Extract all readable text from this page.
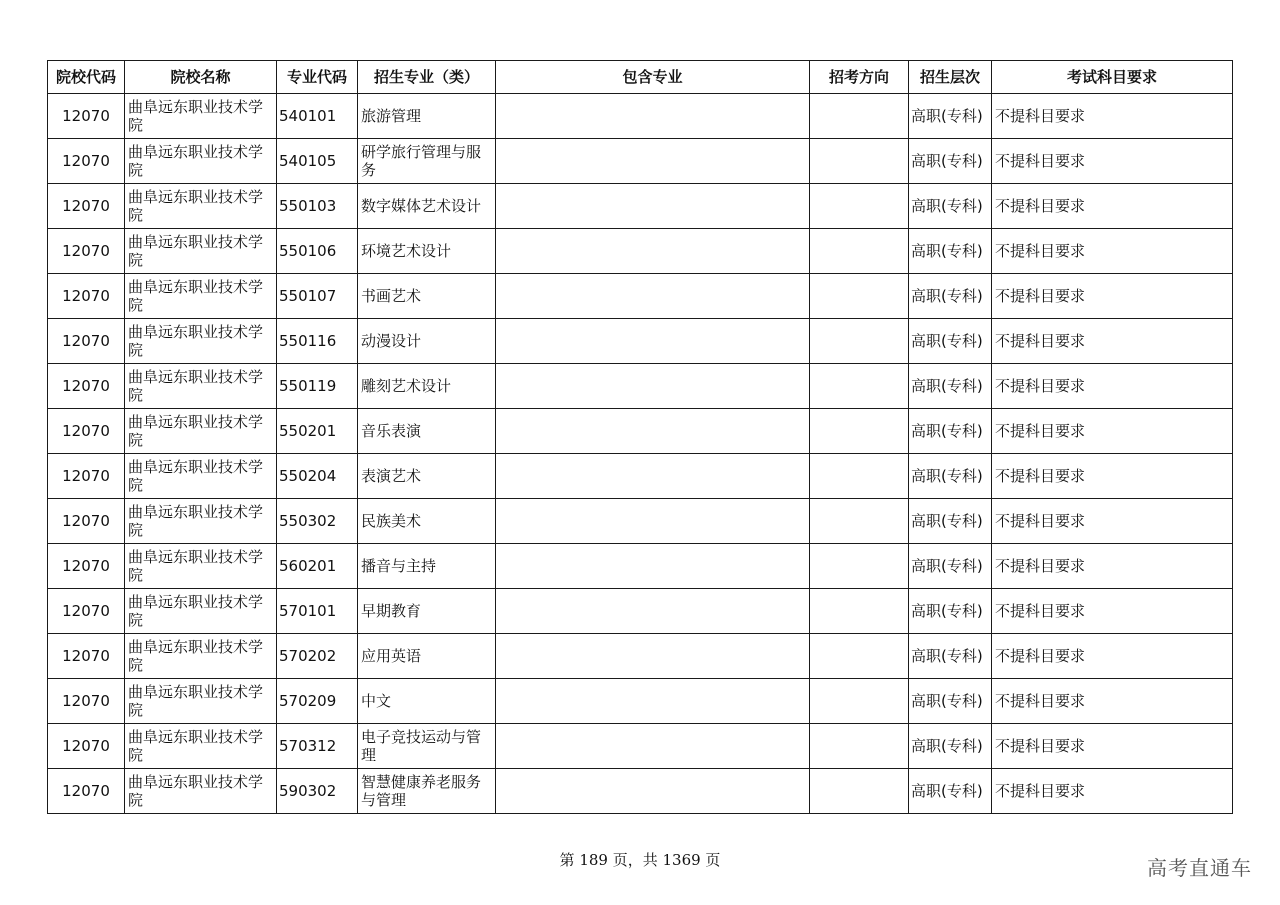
院校代码	院校名称	专业代码	招生专业（类）	包含专业	招考方向	招生层次	考试科目要求
12070	曲阜远东职业技术学院	540101	旅游管理			高职(专科)	不提科目要求
12070	曲阜远东职业技术学院	540105	研学旅行管理与服务			高职(专科)	不提科目要求
12070	曲阜远东职业技术学院	550103	数字媒体艺术设计			高职(专科)	不提科目要求
12070	曲阜远东职业技术学院	550106	环境艺术设计			高职(专科)	不提科目要求
12070	曲阜远东职业技术学院	550107	书画艺术			高职(专科)	不提科目要求
12070	曲阜远东职业技术学院	550116	动漫设计			高职(专科)	不提科目要求
12070	曲阜远东职业技术学院	550119	雕刻艺术设计			高职(专科)	不提科目要求
12070	曲阜远东职业技术学院	550201	音乐表演			高职(专科)	不提科目要求
12070	曲阜远东职业技术学院	550204	表演艺术			高职(专科)	不提科目要求
12070	曲阜远东职业技术学院	550302	民族美术			高职(专科)	不提科目要求
12070	曲阜远东职业技术学院	560201	播音与主持			高职(专科)	不提科目要求
12070	曲阜远东职业技术学院	570101	早期教育			高职(专科)	不提科目要求
12070	曲阜远东职业技术学院	570202	应用英语			高职(专科)	不提科目要求
12070	曲阜远东职业技术学院	570209	中文			高职(专科)	不提科目要求
12070	曲阜远东职业技术学院	570312	电子竞技运动与管理			高职(专科)	不提科目要求
12070	曲阜远东职业技术学院	590302	智慧健康养老服务与管理			高职(专科)	不提科目要求
第 189 页，共 1369 页	高考直通车
